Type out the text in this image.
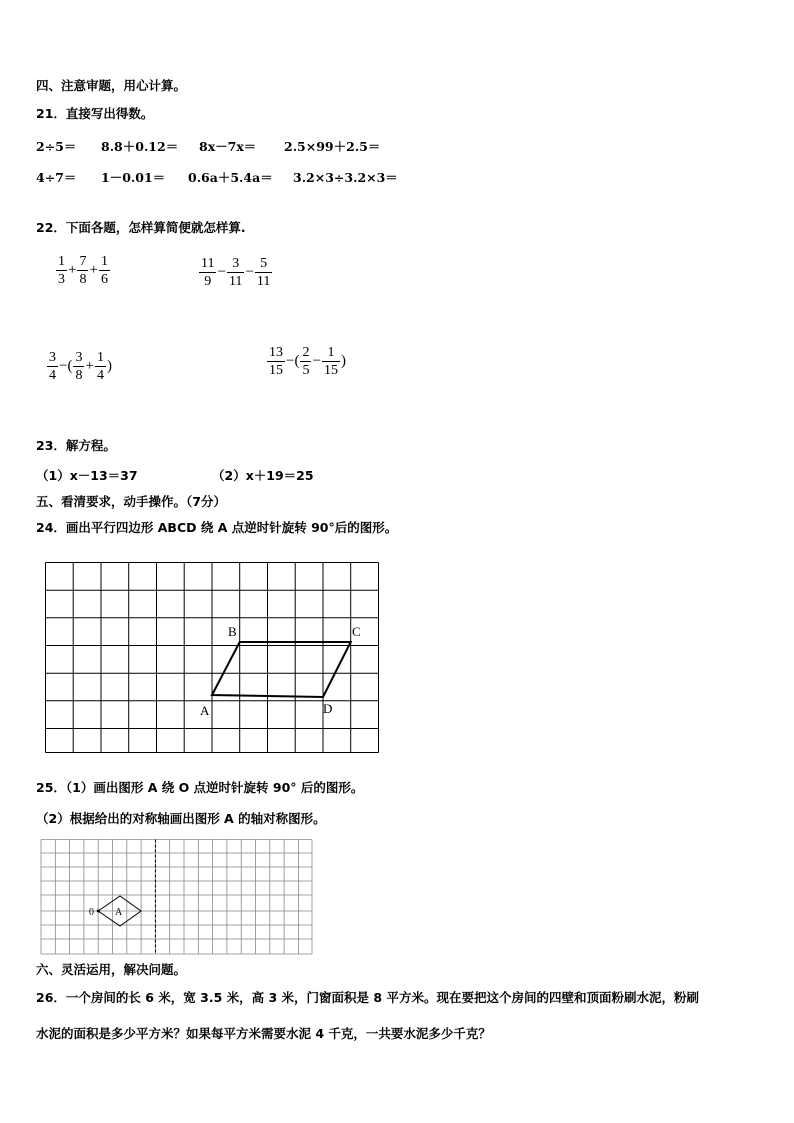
四、注意审题，用心计算。
21．直接写出得数。
2÷5＝ 8.8＋0.12＝ 8x－7x＝ 2.5×99＋2.5＝
4÷7＝ 1－0.01＝ 0.6a＋5.4a＝ 3.2×3÷3.2×3＝
22．下面各题，怎样算简便就怎样算.
$\frac{1}{3} + \frac{7}{8} + \frac{1}{6}$	$\frac{11}{9} - \frac{3}{11} - \frac{5}{11}$
$\frac{3}{4}$ −( $\frac{3}{8} + \frac{1}{4}$ )	$\frac{13}{15}$ −( $\frac{2}{5} - \frac{1}{15}$ )
23．解方程。
（1）x－13＝37	（2）x＋19＝25
五、看清要求，动手操作。（7分）
24．画出平行四边形 ABCD 绕 A 点逆时针旋转 90°后的图形。
A
B	C
D
25．（1）画出图形 A 绕 O 点逆时针旋转 90° 后的图形。
（2）根据给出的对称轴画出图形 A 的轴对称图形。
0 A
六、灵活运用，解决问题。
26．一个房间的长 6 米，宽 3.5 米，高 3 米，门窗面积是 8 平方米。现在要把这个房间的四壁和顶面粉刷水泥，粉刷
水泥的面积是多少平方米？如果每平方米需要水泥 4 千克，一共要水泥多少千克？
